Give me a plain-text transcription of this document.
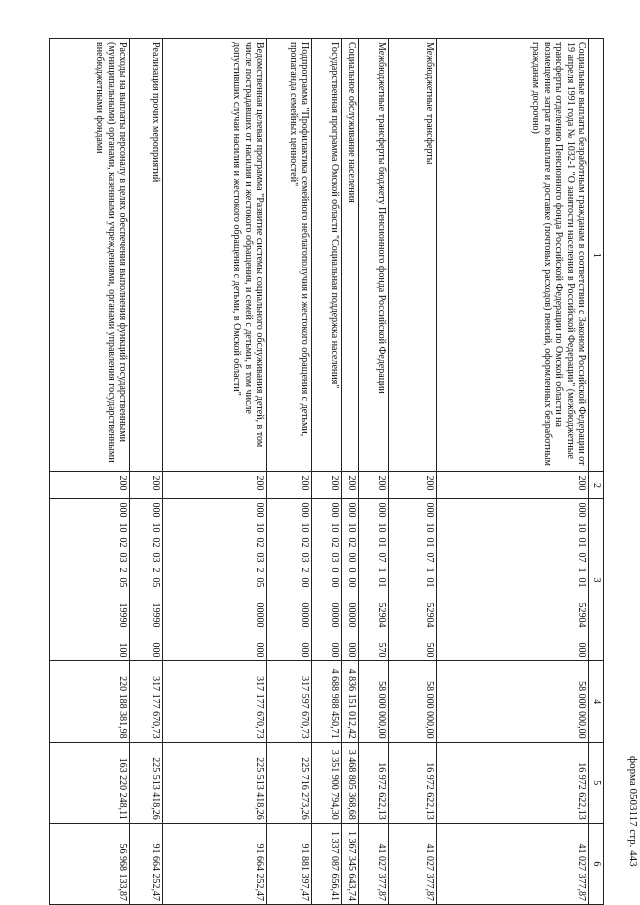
форма 0503117 стр. 443
1	2	3	4	5	6
Социальные выплаты безработным гражданам в соответствии с Законом Российской Федерации от 19 апреля 1991 года № 1032-1 "О занятости населения в Российской Федерации" (межбюджетные трансферты отделению Пенсионного фонда Российской Федерации по Омской области на возмещение затрат по выплате и доставке (почтовых расходов) пенсий, оформленных безработным гражданам досрочно)	200	00010010710152904000	58 000 000,00	16 972 622,13	41 027 377,87
Межбюджетные трансферты	200	00010010710152904500	58 000 000,00	16 972 622,13	41 027 377,87
Межбюджетные трансферты бюджету Пенсионного фонда Российской Федерации	200	00010010710152904570	58 000 000,00	16 972 622,13	41 027 377,87
Социальное обслуживание населения	200	00010020000000000000	4 836 151 012,42	3 468 805 368,68	1 367 345 643,74
Государственная программа Омской области "Социальная поддержка населения"	200	00010020300000000000	4 688 988 450,71	3 351 900 794,30	1 337 087 656,41
Подпрограмма "Профилактика семейного неблагополучия и жестокого обращения с детьми, пропаганда семейных ценностей"	200	00010020320000000000	317 597 670,73	225 716 273,26	91 881 397,47
Ведомственная целевая программа "Развитие системы социального обслуживания детей, в том числе пострадавших от насилия и жестокого обращения, и семей с детьми, в том числе допустивших случаи насилия и жестокого обращения с детьми, в Омской области"	200	00010020320500000000	317 177 670,73	225 513 418,26	91 664 252,47
Реализация прочих мероприятий	200	00010020320519990000	317 177 670,73	225 513 418,26	91 664 252,47
Расходы на выплаты персоналу в целях обеспечения выполнения функций государственными (муниципальными) органами, казенными учреждениями, органами управления государственными внебюджетными фондами	200	00010020320519990100	220 188 381,98	163 220 248,11	56 968 133,87
